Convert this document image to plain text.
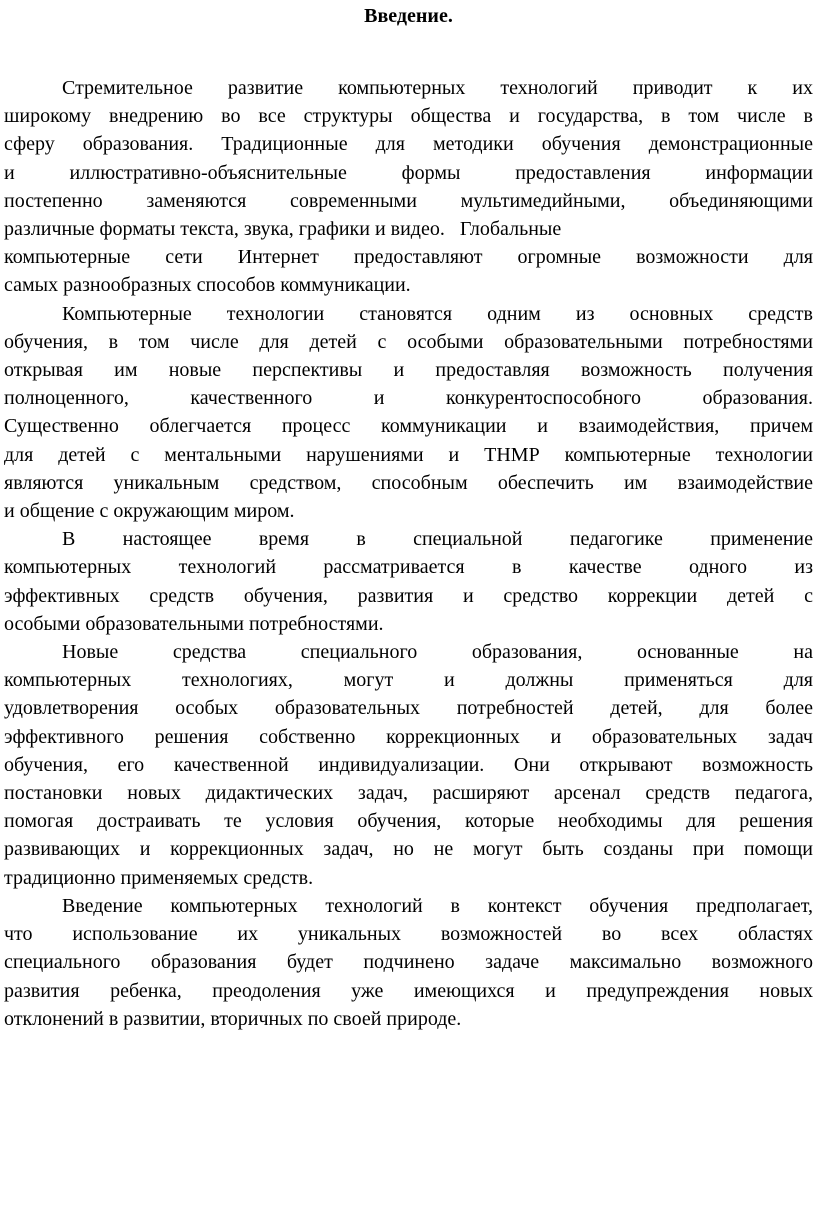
Введение.
Стремительное развитие компьютерных технологий приводит к их
широкому внедрению во все структуры общества и государства, в том числе в
сферу образования. Традиционные для методики обучения демонстрационные
и иллюстративно-объяснительные формы предоставления информации
постепенно заменяются современными мультимедийными, объединяющими
различные форматы текста, звука, графики и видео.   Глобальные
компьютерные сети Интернет предоставляют огромные возможности для
самых разнообразных способов коммуникации.
Компьютерные технологии становятся одним из основных средств
обучения, в том числе для детей с особыми образовательными потребностями
открывая им новые перспективы и предоставляя возможность получения
полноценного, качественного и конкурентоспособного образования.
Существенно облегчается процесс коммуникации и взаимодействия, причем
для детей с ментальными нарушениями и ТНМР компьютерные технологии
являются уникальным средством, способным обеспечить им взаимодействие
и общение с окружающим миром.
В настоящее время в специальной педагогике применение
компьютерных технологий рассматривается в качестве одного из
эффективных средств обучения, развития и средство коррекции детей с
особыми образовательными потребностями.
Новые средства специального образования, основанные на
компьютерных технологиях, могут и должны применяться для
удовлетворения особых образовательных потребностей детей, для более
эффективного решения собственно коррекционных и образовательных задач
обучения, его качественной индивидуализации. Они открывают возможность
постановки новых дидактических задач, расширяют арсенал средств педагога,
помогая достраивать те условия обучения, которые необходимы для решения
развивающих и коррекционных задач, но не могут быть созданы при помощи
традиционно применяемых средств.
Введение компьютерных технологий в контекст обучения предполагает,
что использование их уникальных возможностей во всех областях
специального образования будет подчинено задаче максимально возможного
развития ребенка, преодоления уже имеющихся и предупреждения новых
отклонений в развитии, вторичных по своей природе.
